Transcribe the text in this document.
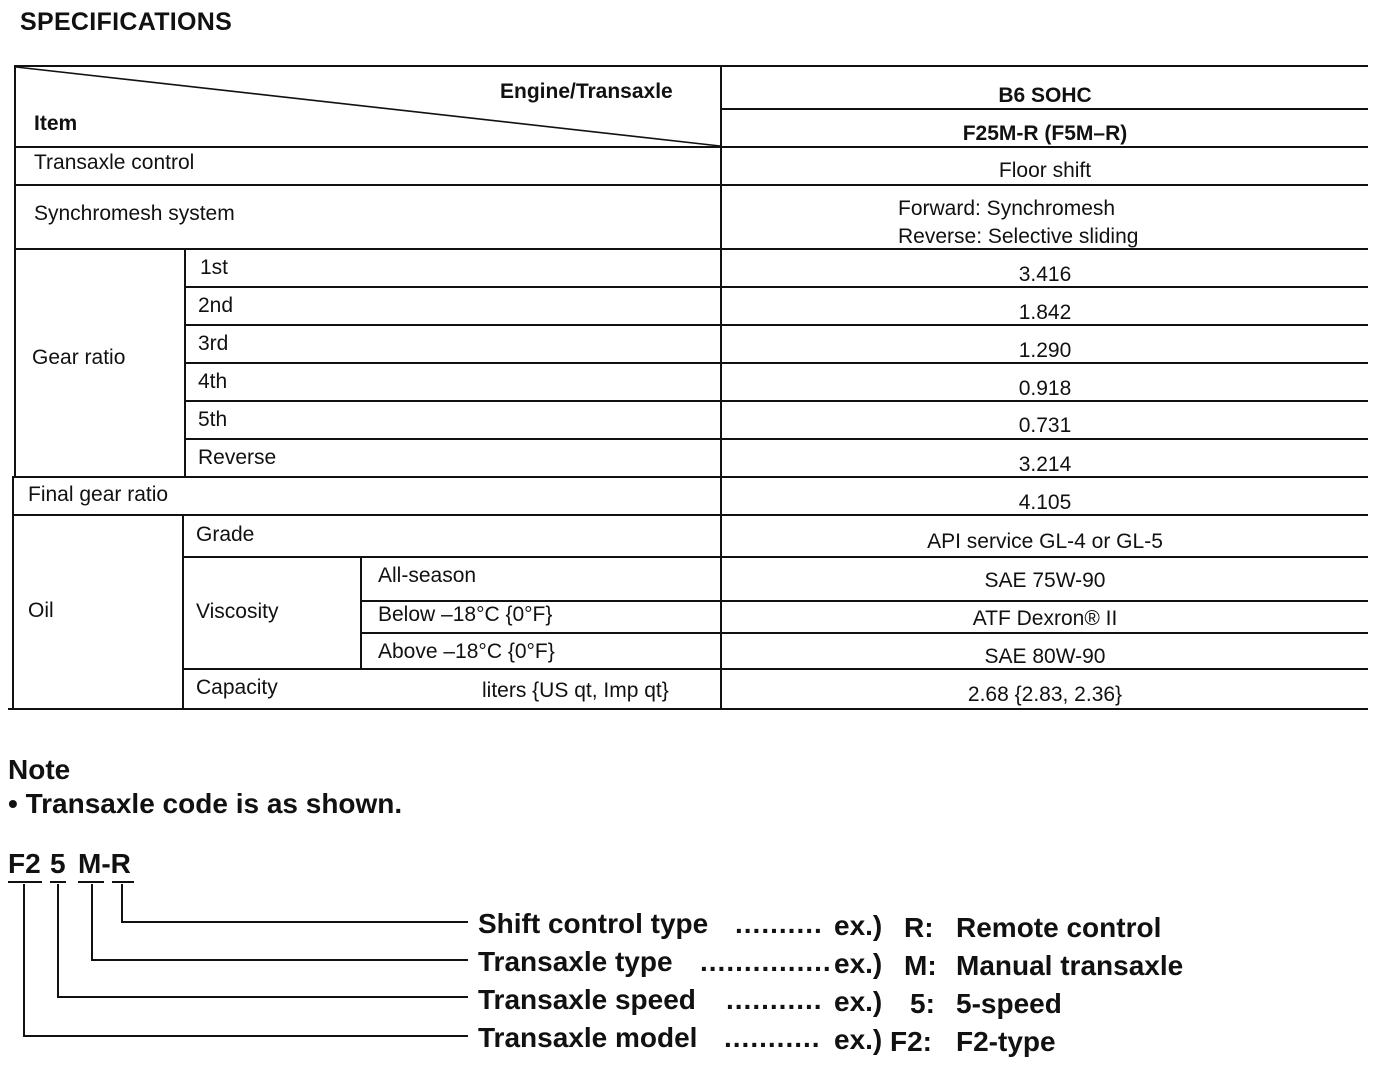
SPECIFICATIONS
Engine/Transaxle
Item
B6 SOHC
F25M-R (F5M–R)
Transaxle control	Floor shift
Synchromesh system	Forward: Synchromesh
Reverse: Selective sliding
Gear ratio
1st	3.416
2nd	1.842
3rd	1.290
4th	0.918
5th	0.731
Reverse	3.214
Final gear ratio	4.105
Oil
Grade	API service GL-4 or GL-5
Viscosity
All-season	SAE 75W-90
Below –18°C {0°F}	ATF Dexron® II
Above –18°C {0°F}	SAE 80W-90
Capacity	liters {US qt, Imp qt}	2.68 {2.83, 2.36}
Note
• Transaxle code is as shown.
F2 5 M-R
Shift control type .......... ex.) R: Remote control
Transaxle type ............... ex.) M: Manual transaxle
Transaxle speed ........... ex.) 5: 5-speed
Transaxle model ........... ex.) F2: F2-type
